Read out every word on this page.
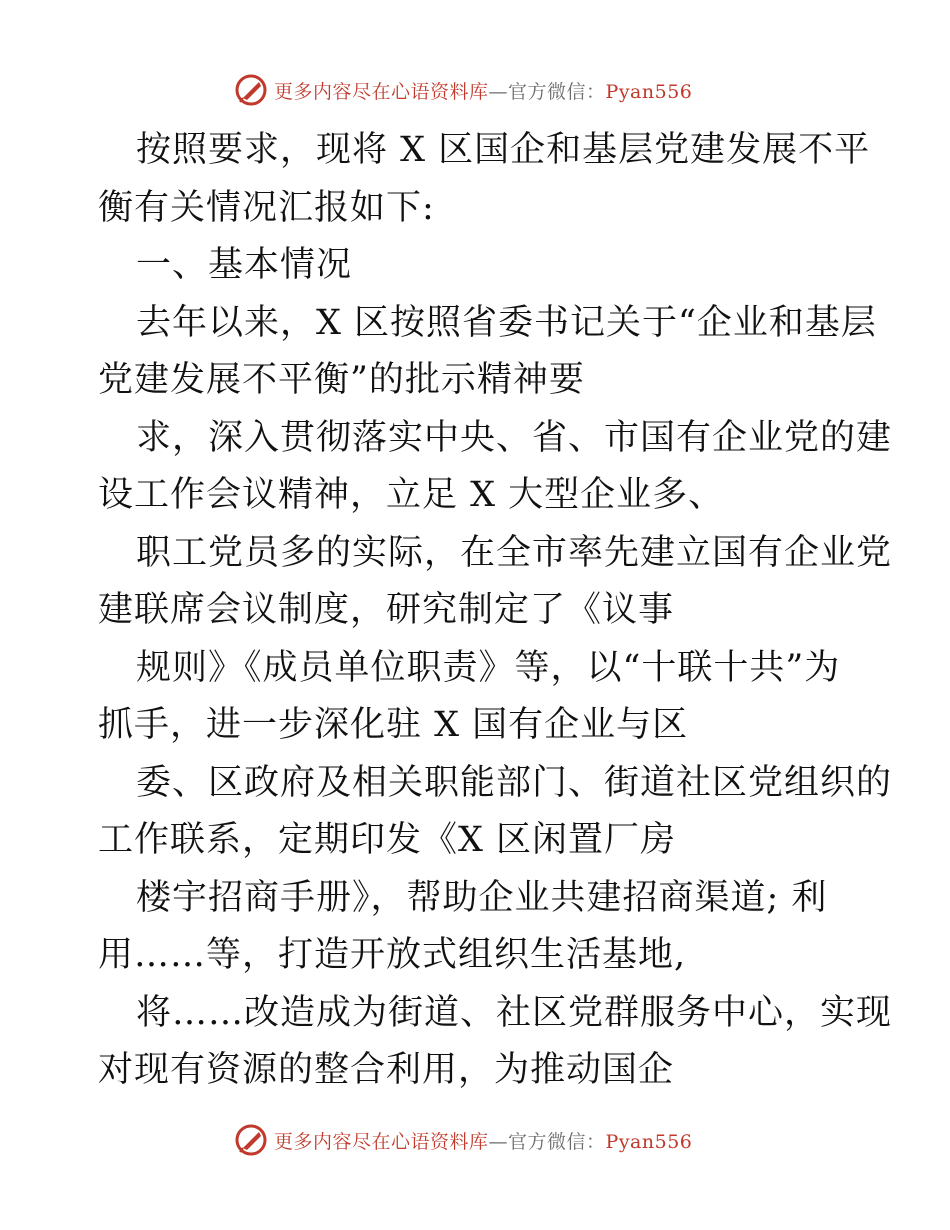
更多内容尽在心语资料库—官方微信：Pyan556
按照要求，现将 X 区国企和基层党建发展不平
衡有关情况汇报如下:
一、基本情况
去年以来，X 区按照省委书记关于“企业和基层
党建发展不平衡”的批示精神要
求，深入贯彻落实中央、省、市国有企业党的建
设工作会议精神，立足 X 大型企业多、
职工党员多的实际，在全市率先建立国有企业党
建联席会议制度，研究制定了《议事
规则》《成员单位职责》等，以“十联十共”为
抓手，进一步深化驻 X 国有企业与区
委、区政府及相关职能部门、街道社区党组织的
工作联系，定期印发《X 区闲置厂房
楼宇招商手册》，帮助企业共建招商渠道; 利
用……等，打造开放式组织生活基地,
将……改造成为街道、社区党群服务中心，实现
对现有资源的整合利用，为推动国企
更多内容尽在心语资料库—官方微信：Pyan556
